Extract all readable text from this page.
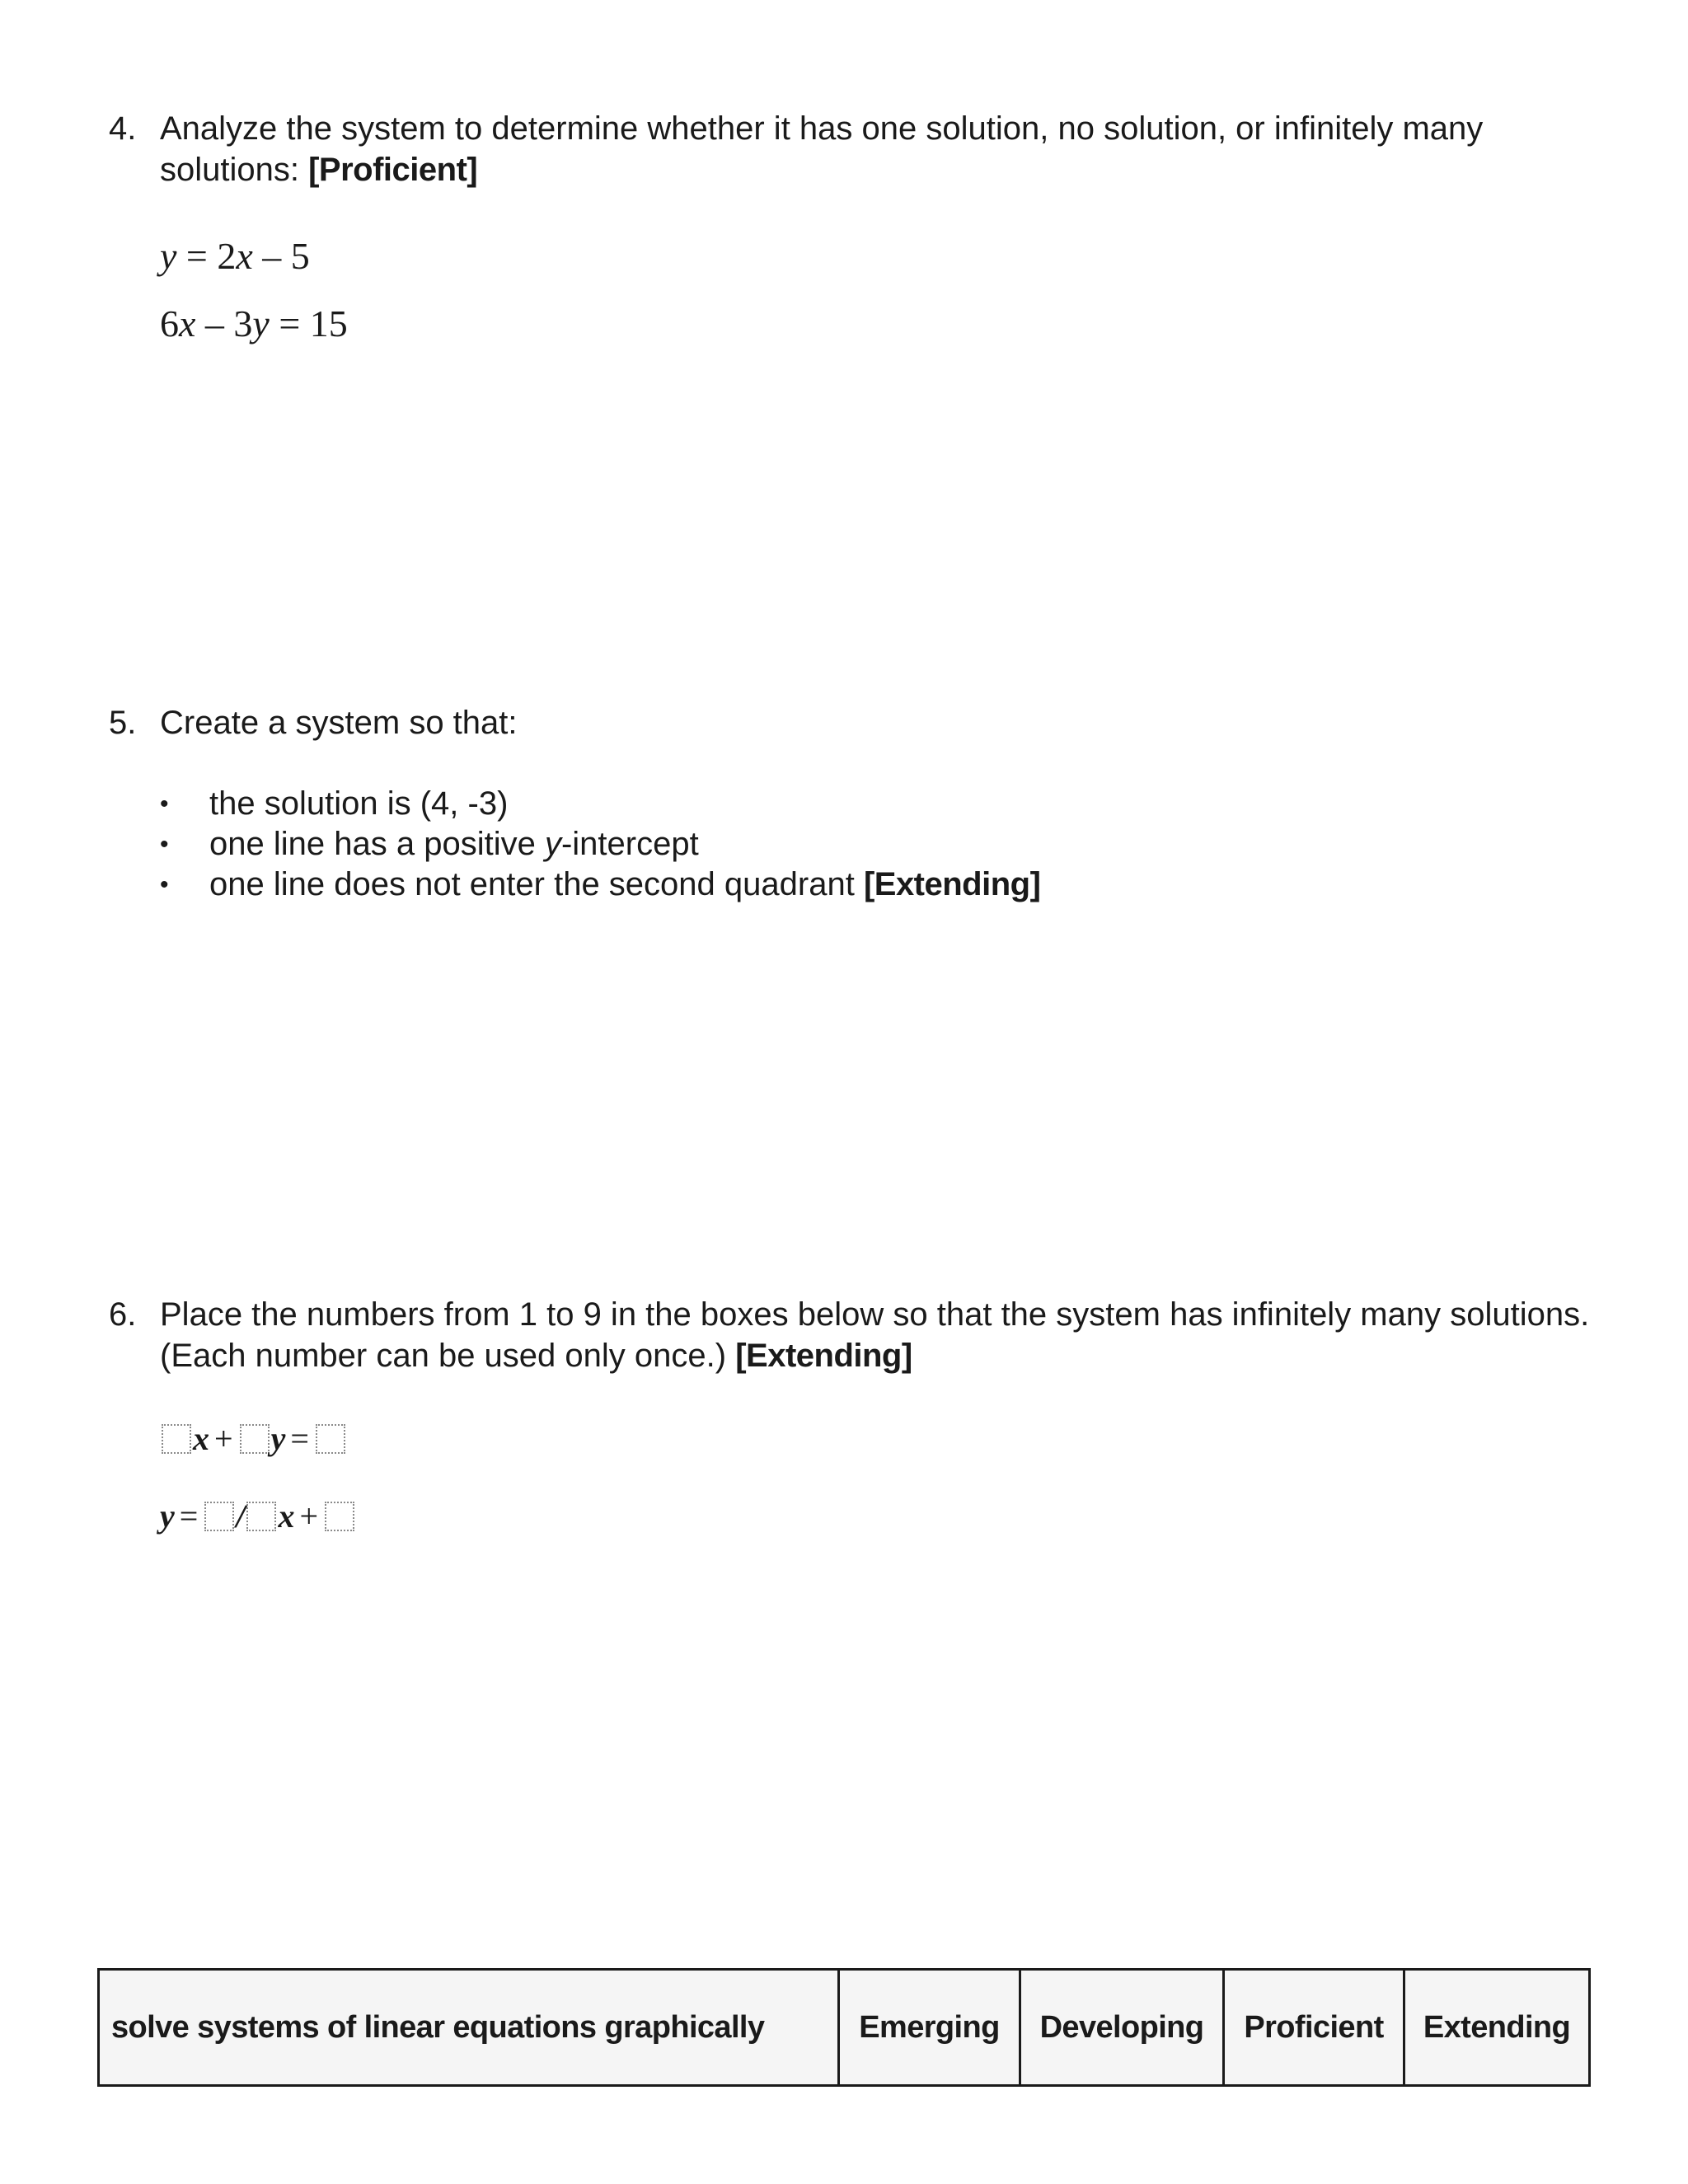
4. Analyze the system to determine whether it has one solution, no solution, or infinitely many solutions: [Proficient]
y = 2x – 5
6x – 3y = 15
5. Create a system so that:
• the solution is (4, -3)
• one line has a positive y-intercept
• one line does not enter the second quadrant [Extending]
6. Place the numbers from 1 to 9 in the boxes below so that the system has infinitely many solutions. (Each number can be used only once.) [Extending]
x + y =
y = / x +
solve systems of linear equations graphically	Emerging	Developing	Proficient	Extending
